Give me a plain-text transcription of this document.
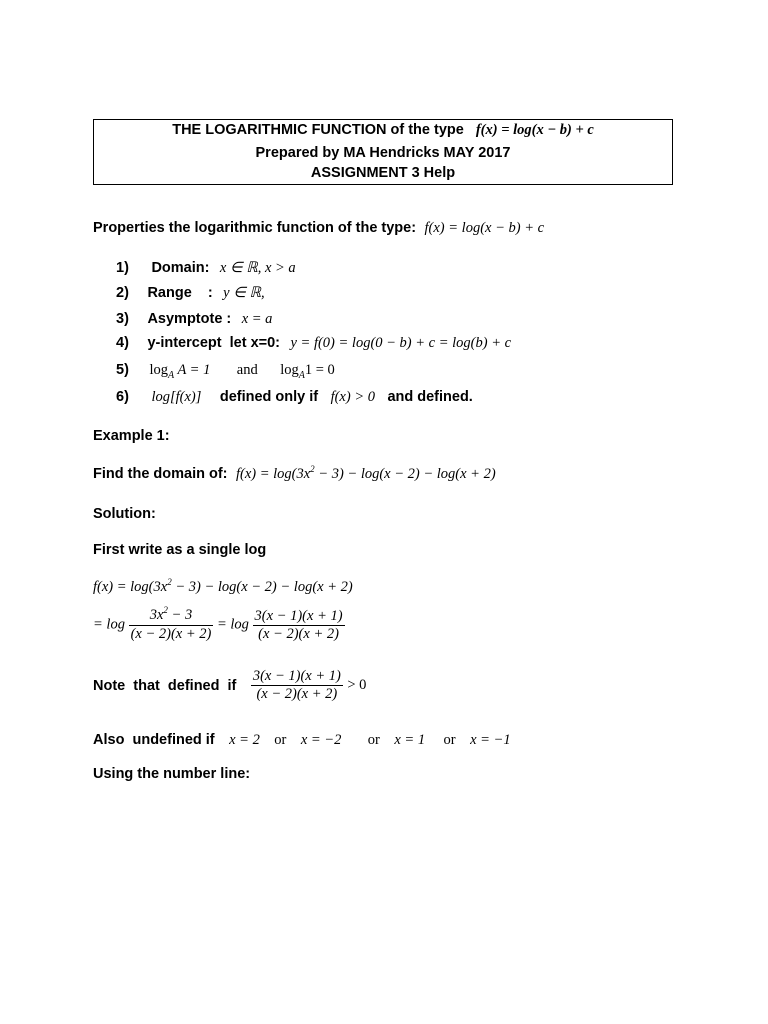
THE LOGARITHMIC FUNCTION of the type f(x) = log(x − b) + c
Prepared by MA Hendricks MAY 2017
ASSIGNMENT 3 Help
Properties the logarithmic function of the type: f(x) = log(x − b) + c
1) Domain: x ∈ ℝ, x > a
2) Range    : y ∈ ℝ,
3) Asymptote : x = a
4) y-intercept  let x=0: y = f(0) = log(0 − b) + c = log(b) + c
5) $\log_A A = 1$ and $\log_A1 = 0$
6) log[f(x)] defined only if f(x) > 0 and defined.
Example 1:
Find the domain of: $f(x) = \log(3x^2 - 3) - \log(x - 2) - \log(x + 2)$
Solution:
First write as a single log
$f(x) = \log(3x^2 - 3) - \log(x - 2) - \log(x + 2)$
= $\log \frac{3x^2 - 3}{(x - 2)(x + 2)} = \log \frac{3(x - 1)(x + 1)}{(x - 2)(x + 2)}$
Note  that  defined  if $\frac{3(x - 1)(x + 1)}{(x - 2)(x + 2)} > 0$
Also  undefined if x = 2 or x = −2 or x = 1 or x = −1
Using the number line:
